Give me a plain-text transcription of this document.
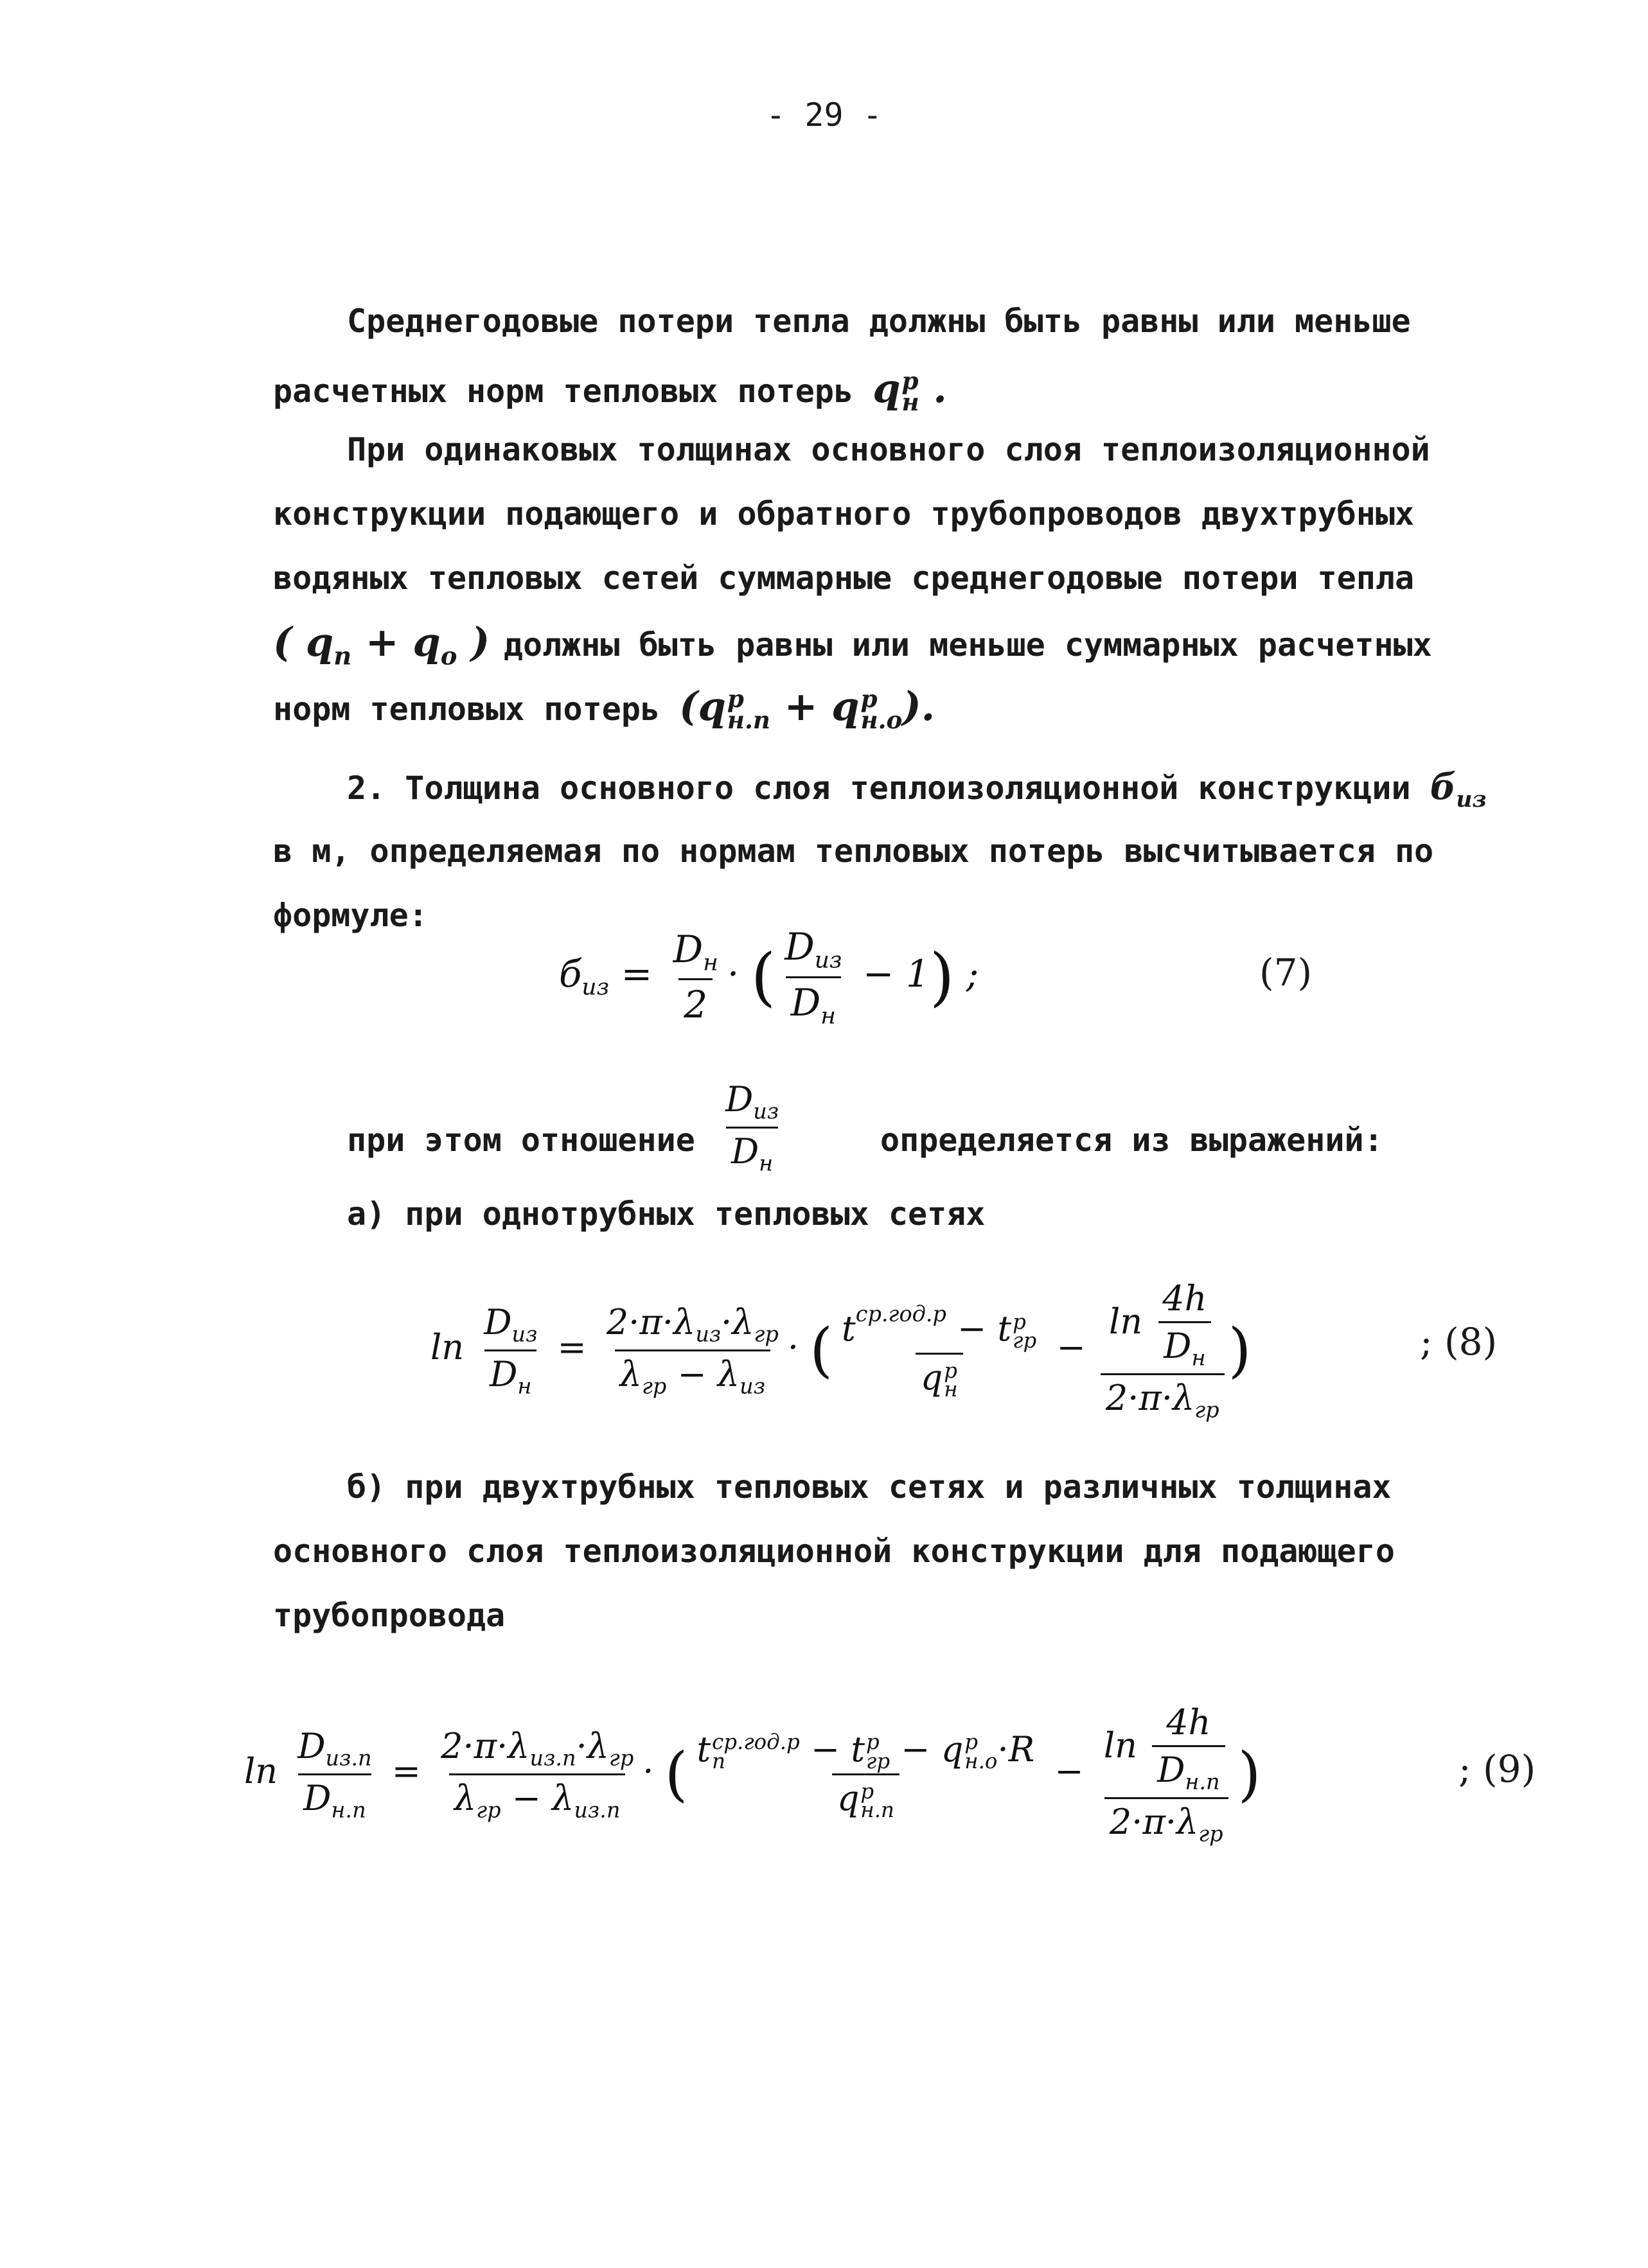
- 29 -
Среднегодовые потери тепла должны быть равны или меньше
расчетных норм тепловых потерь q p
н .
При одинаковых толщинах основного слоя теплоизоляционной
конструкции подающего и обратного трубопроводов двухтрубных
водяных тепловых сетей суммарные среднегодовые потери тепла
( $q_п + q_о$ ) должны быть равны или меньше суммарных расчетных
норм тепловых потерь (q p
н.п + q p
н.о ).
2. Толщина основного слоя теплоизоляционной конструкции $б_{из}$
в м, определяемая по нормам тепловых потерь высчитывается по
формуле:
$б_{из} = \frac{D_н}{2}$ · ( $\frac{D_{из}}{D_н} - 1$) ;	(7)
при этом отношение $\frac{D_{из}}{D_н}$	определяется из выражений:
а) при однотрубных тепловых сетях
$\ln \frac{D_{из}}{D_н} = \frac{2\cdot\pi\cdot\lambda_{из}\cdot\lambda_{гр}}{\lambda_{гр} - \lambda_{из}}$ · ( $t^{ср.год.р} - t$ p
гр
q p
$н - \frac{\ln \frac{4h}{D_н}}{2\cdot\pi\cdot\lambda_{гр}}$ )	; (8)
б) при двухтрубных тепловых сетях и различных толщинах
основного слоя теплоизоляционной конструкции для подающего
трубопровода
$\ln \frac{D_{из.п}}{D_{н.п}} = \frac{2\cdot\pi\cdot\lambda_{из.п}\cdot\lambda_{гр}}{\lambda_{гр} - \lambda_{из.п}}$ · ( t ср.год.р
п	− t p
гр − q p
н.о ·R
q p
$н.п - \frac{\ln \frac{4h}{D_{н.п}}}{2\cdot\pi\cdot\lambda_{гр}}$ )	; (9)
